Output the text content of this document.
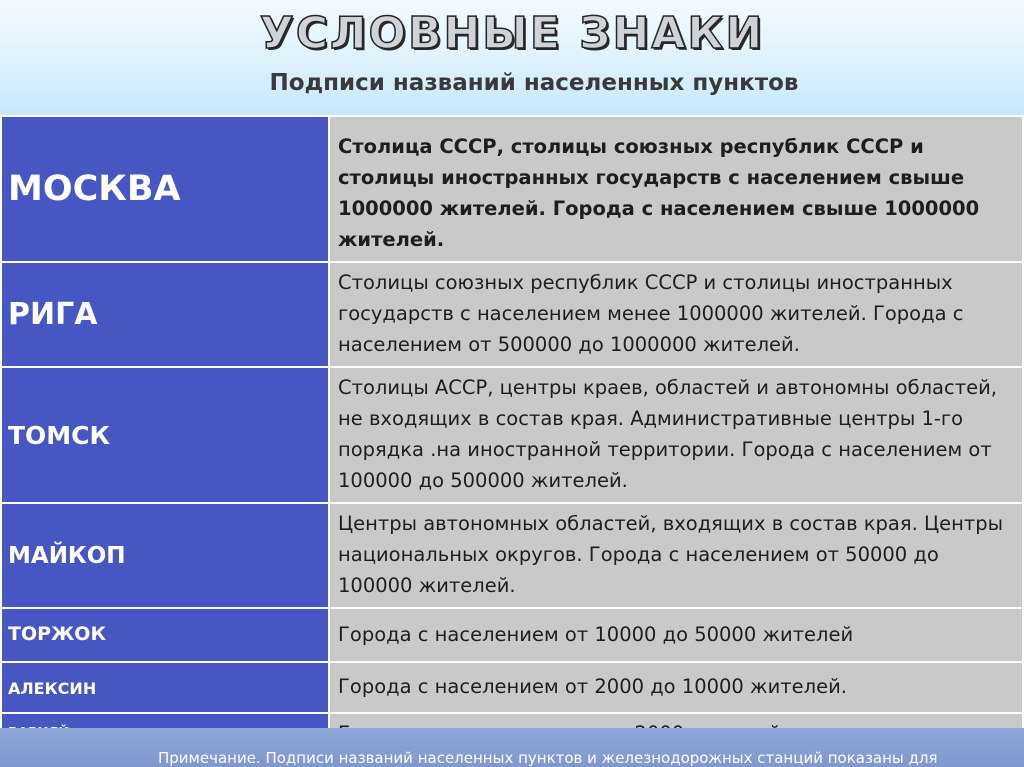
УСЛОВНЫЕ ЗНАКИ
Подписи названий населенных пунктов
МОСКВА	Столица СССР, столицы союзных республик СССР и столицы иностранных государств с населением свыше 1000000 жителей. Города с населением свыше 1000000 жителей.
РИГА	Столицы союзных республик СССР и столицы иностранных государств с населением менее 1000000 жителей. Города с населением от 500000 до 1000000 жителей.
ТОМСК	Столицы АССР, центры краев, областей и автономны областей, не входящих в состав края. Административные центры 1-го порядка .на иностранной территории. Города с населением от 100000 до 500000 жителей.
МАЙКОП	Центры автономных областей, входящих в состав края. Центры национальных округов. Города с населением от 50000 до 100000 жителей.
ТОРЖОК	Города с населением от 10000 до 50000 жителей
АЛЕКСИН	Города с населением от 2000 до 10000 жителей.

Примечание. Подписи названий населенных пунктов и железнодорожных станций показаны для
